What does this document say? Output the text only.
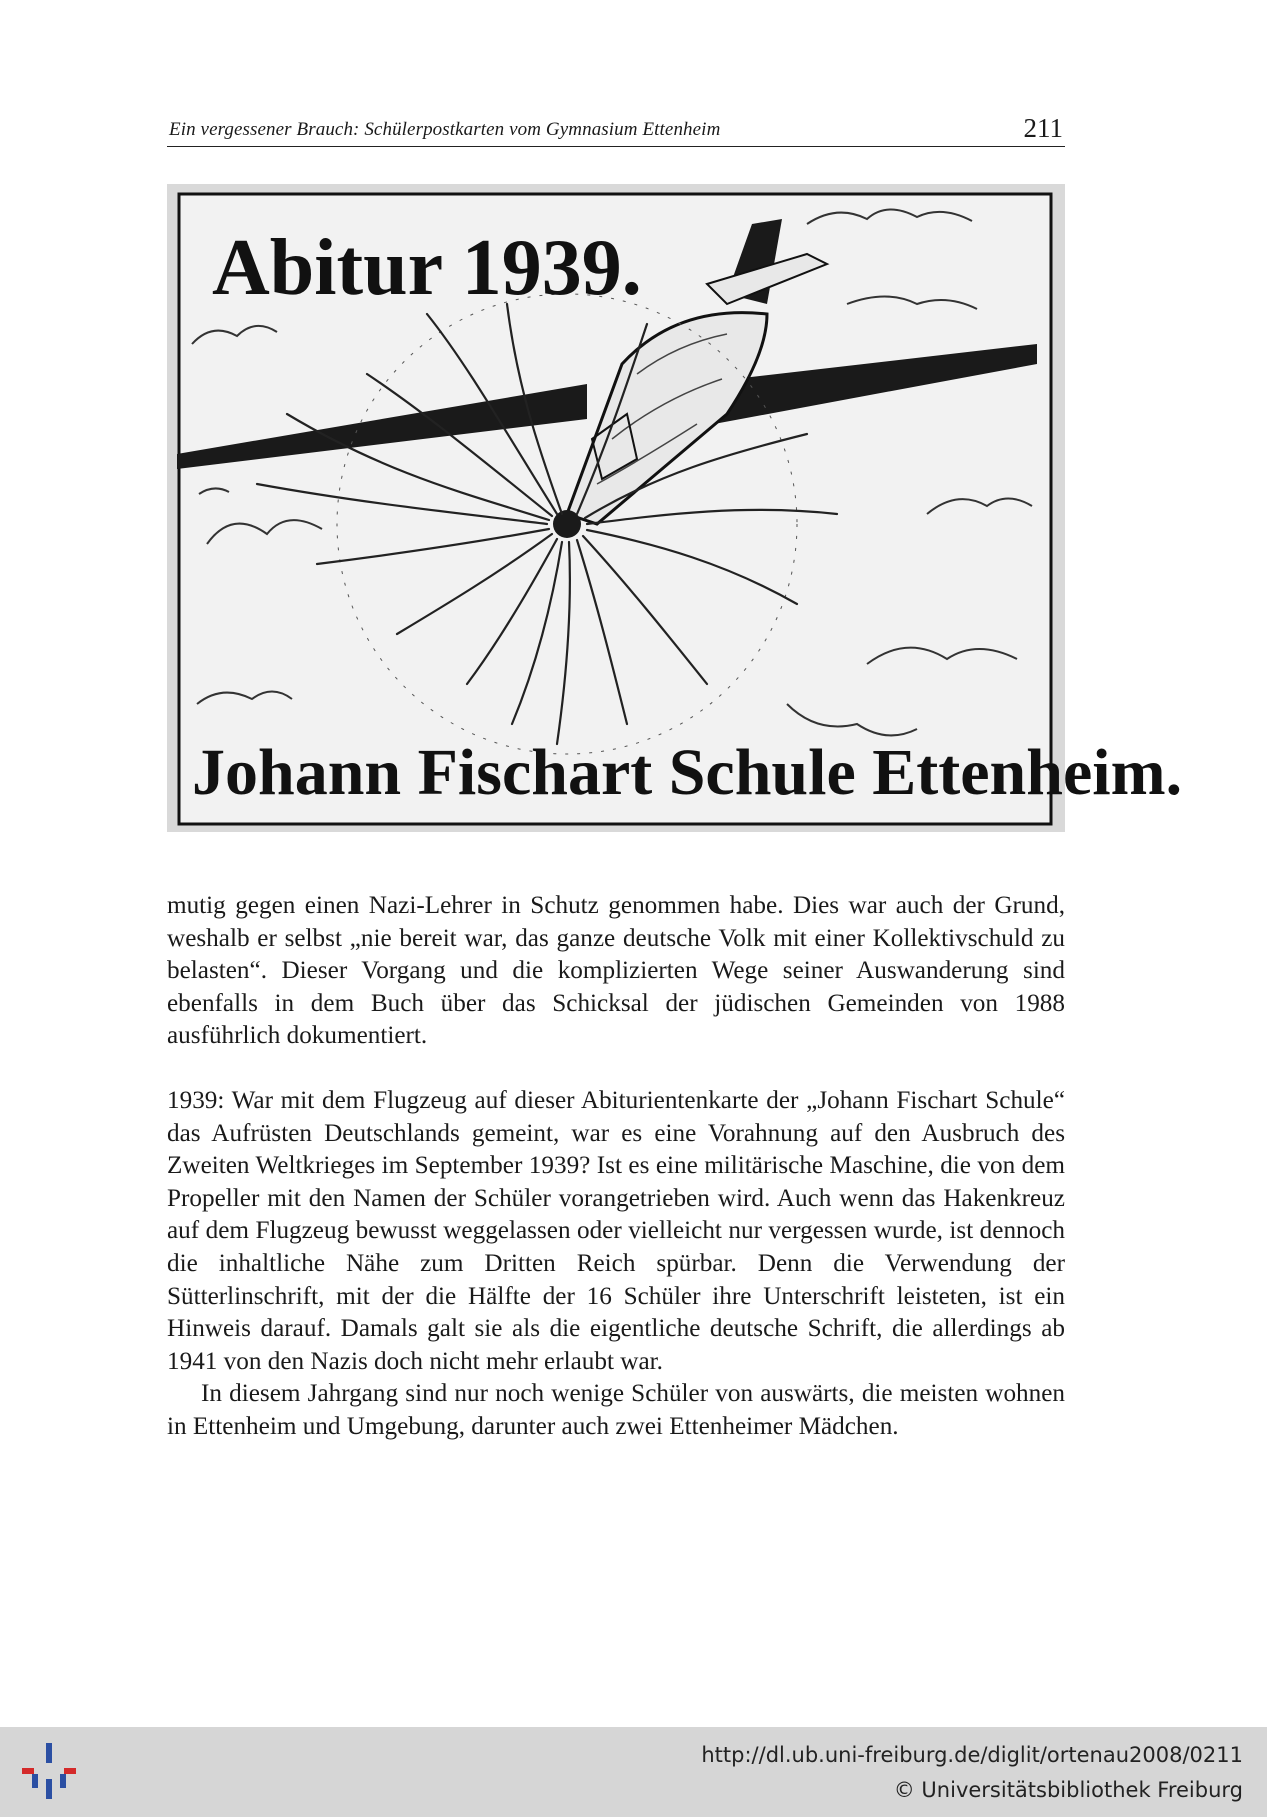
Ein vergessener Brauch: Schülerpostkarten vom Gymnasium Ettenheim	211
Abitur 1939.
Johann Fischart Schule Ettenheim.

mutig gegen einen Nazi-Lehrer in Schutz genommen habe. Dies war auch der Grund, weshalb er selbst „nie bereit war, das ganze deutsche Volk mit einer Kollektivschuld zu belasten“. Dieser Vorgang und die komplizierten Wege seiner Auswanderung sind ebenfalls in dem Buch über das Schicksal der jüdischen Gemeinden von 1988 ausführlich dokumentiert.

1939: War mit dem Flugzeug auf dieser Abiturientenkarte der „Johann Fischart Schule“ das Aufrüsten Deutschlands gemeint, war es eine Vorahnung auf den Ausbruch des Zweiten Weltkrieges im September 1939? Ist es eine militärische Maschine, die von dem Propeller mit den Namen der Schüler vorangetrieben wird. Auch wenn das Hakenkreuz auf dem Flugzeug bewusst weggelassen oder vielleicht nur vergessen wurde, ist dennoch die inhaltliche Nähe zum Dritten Reich spürbar. Denn die Verwendung der Sütterlinschrift, mit der die Hälfte der 16 Schüler ihre Unterschrift leisteten, ist ein Hinweis darauf. Damals galt sie als die eigentliche deutsche Schrift, die allerdings ab 1941 von den Nazis doch nicht mehr erlaubt war.

In diesem Jahrgang sind nur noch wenige Schüler von auswärts, die meisten wohnen in Ettenheim und Umgebung, darunter auch zwei Ettenheimer Mädchen.

http://dl.ub.uni-freiburg.de/diglit/ortenau2008/0211
© Universitätsbibliothek Freiburg
